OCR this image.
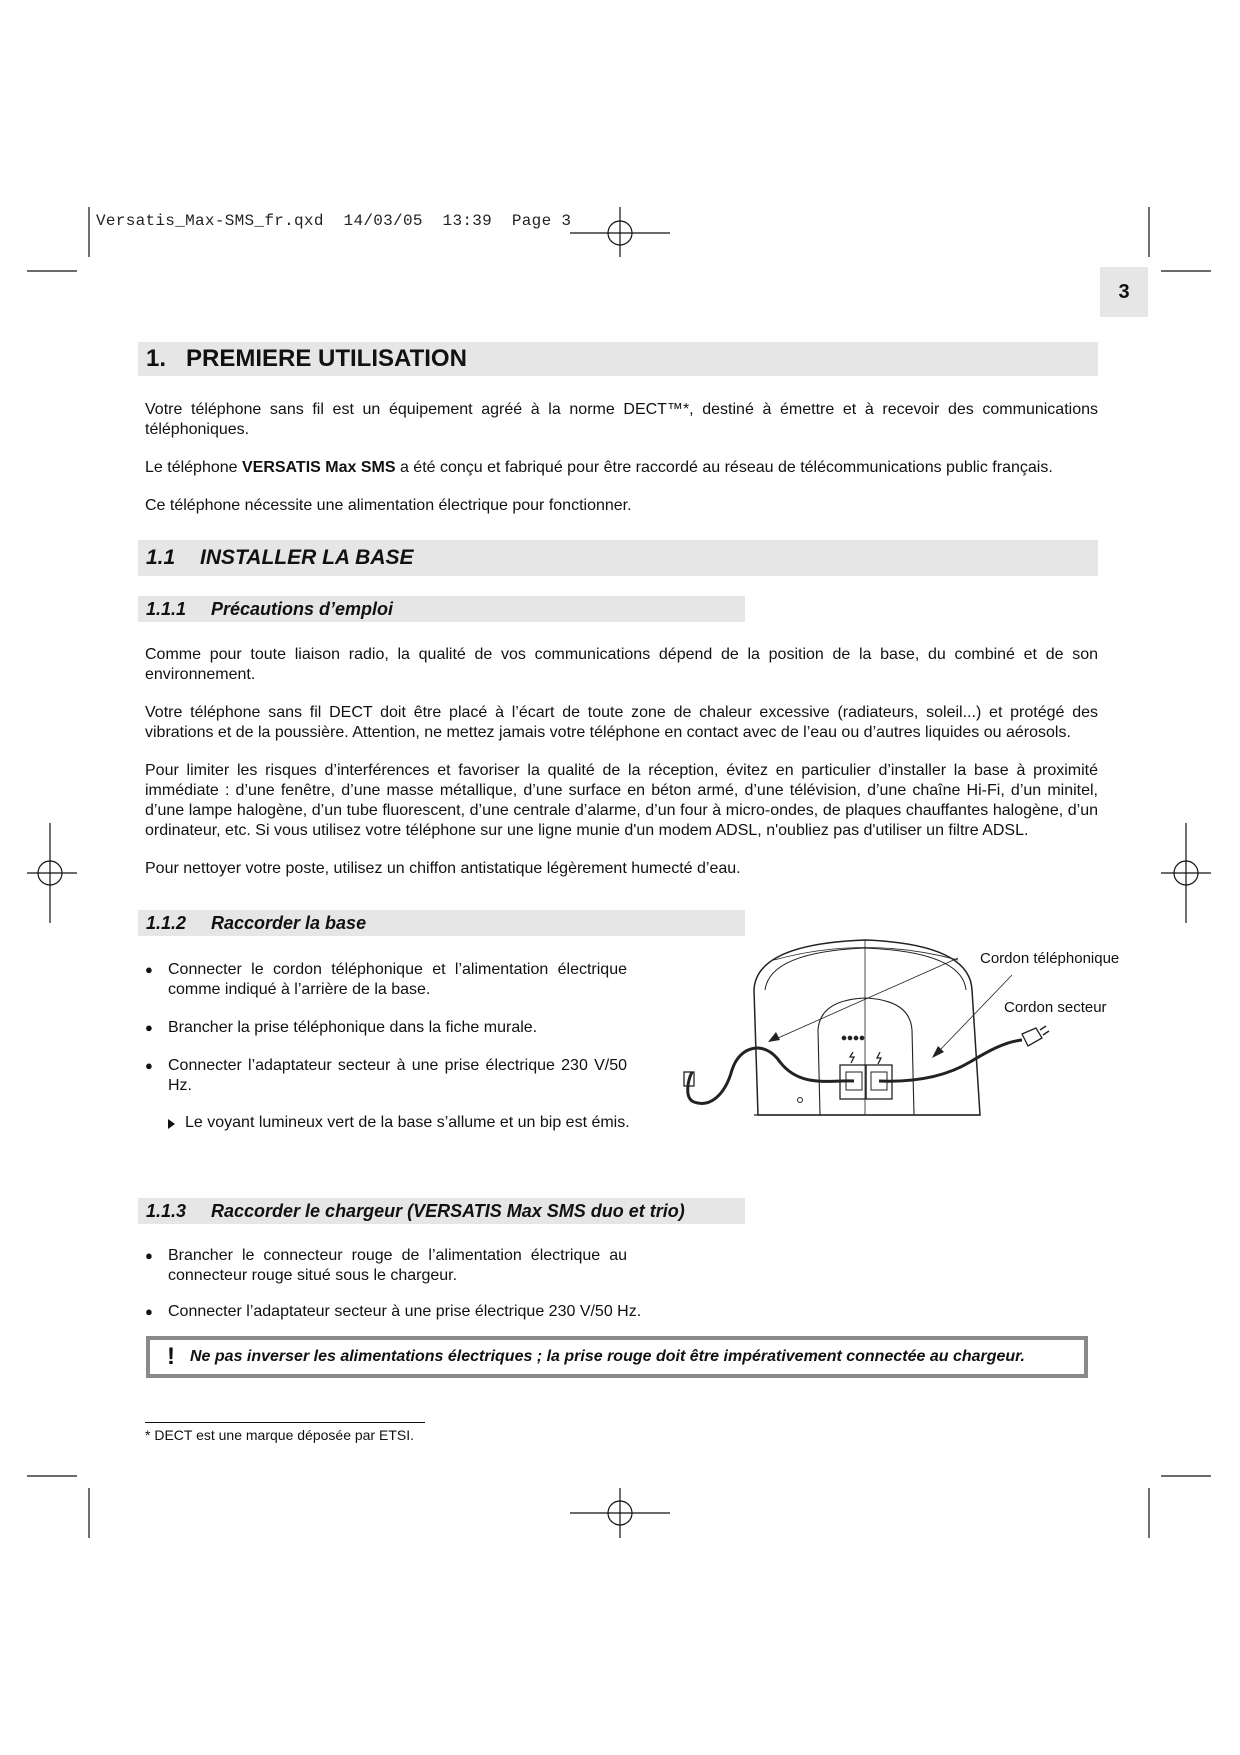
Versatis_Max-SMS_fr.qxd  14/03/05  13:39  Page 3
3
1. PREMIERE UTILISATION
Votre téléphone sans fil est un équipement agréé à la norme DECT™*, destiné à émettre et à recevoir des communications téléphoniques.
Le téléphone VERSATIS Max SMS a été conçu et fabriqué pour être raccordé au réseau de télécommunications public français.
Ce téléphone nécessite une alimentation électrique pour fonctionner.
1.1	INSTALLER LA BASE
1.1.1	Précautions d’emploi
Comme pour toute liaison radio, la qualité de vos communications dépend de la position de la base, du combiné et de son environnement.
Votre téléphone sans fil DECT doit être placé à l’écart de toute zone de chaleur excessive (radiateurs, soleil...) et protégé des vibrations et de la poussière. Attention, ne mettez jamais votre téléphone en contact avec de l’eau ou d’autres liquides ou aérosols.
Pour limiter les risques d’interférences et favoriser la qualité de la réception, évitez en particulier d’installer la base à proximité immédiate : d’une fenêtre, d’une masse métallique, d’une surface en béton armé, d’une télévision, d’une chaîne Hi-Fi, d’un minitel, d’une lampe halogène, d’un tube fluorescent, d’une centrale d’alarme, d’un four à micro-ondes, de plaques chauffantes halogène, d’un ordinateur, etc. Si vous utilisez votre téléphone sur une ligne munie d'un modem ADSL, n'oubliez pas d'utiliser un filtre ADSL.
Pour nettoyer votre poste, utilisez un chiffon antistatique légèrement humecté d’eau.
1.1.2	Raccorder la base
● Connecter le cordon téléphonique et l’alimentation électrique comme indiqué à l’arrière de la base.
● Brancher la prise téléphonique dans la fiche murale.
● Connecter l’adaptateur secteur à une prise électrique 230 V/50 Hz.
Le voyant lumineux vert de la base s’allume et un bip est émis.
Cordon téléphonique
Cordon secteur
1.1.3	Raccorder le chargeur (VERSATIS Max SMS duo et trio)
● Brancher le connecteur rouge de l’alimentation électrique au connecteur rouge situé sous le chargeur.
● Connecter l’adaptateur secteur à une prise électrique 230 V/50 Hz.
! Ne pas inverser les alimentations électriques ; la prise rouge doit être impérativement connectée au chargeur.
* DECT est une marque déposée par ETSI.
